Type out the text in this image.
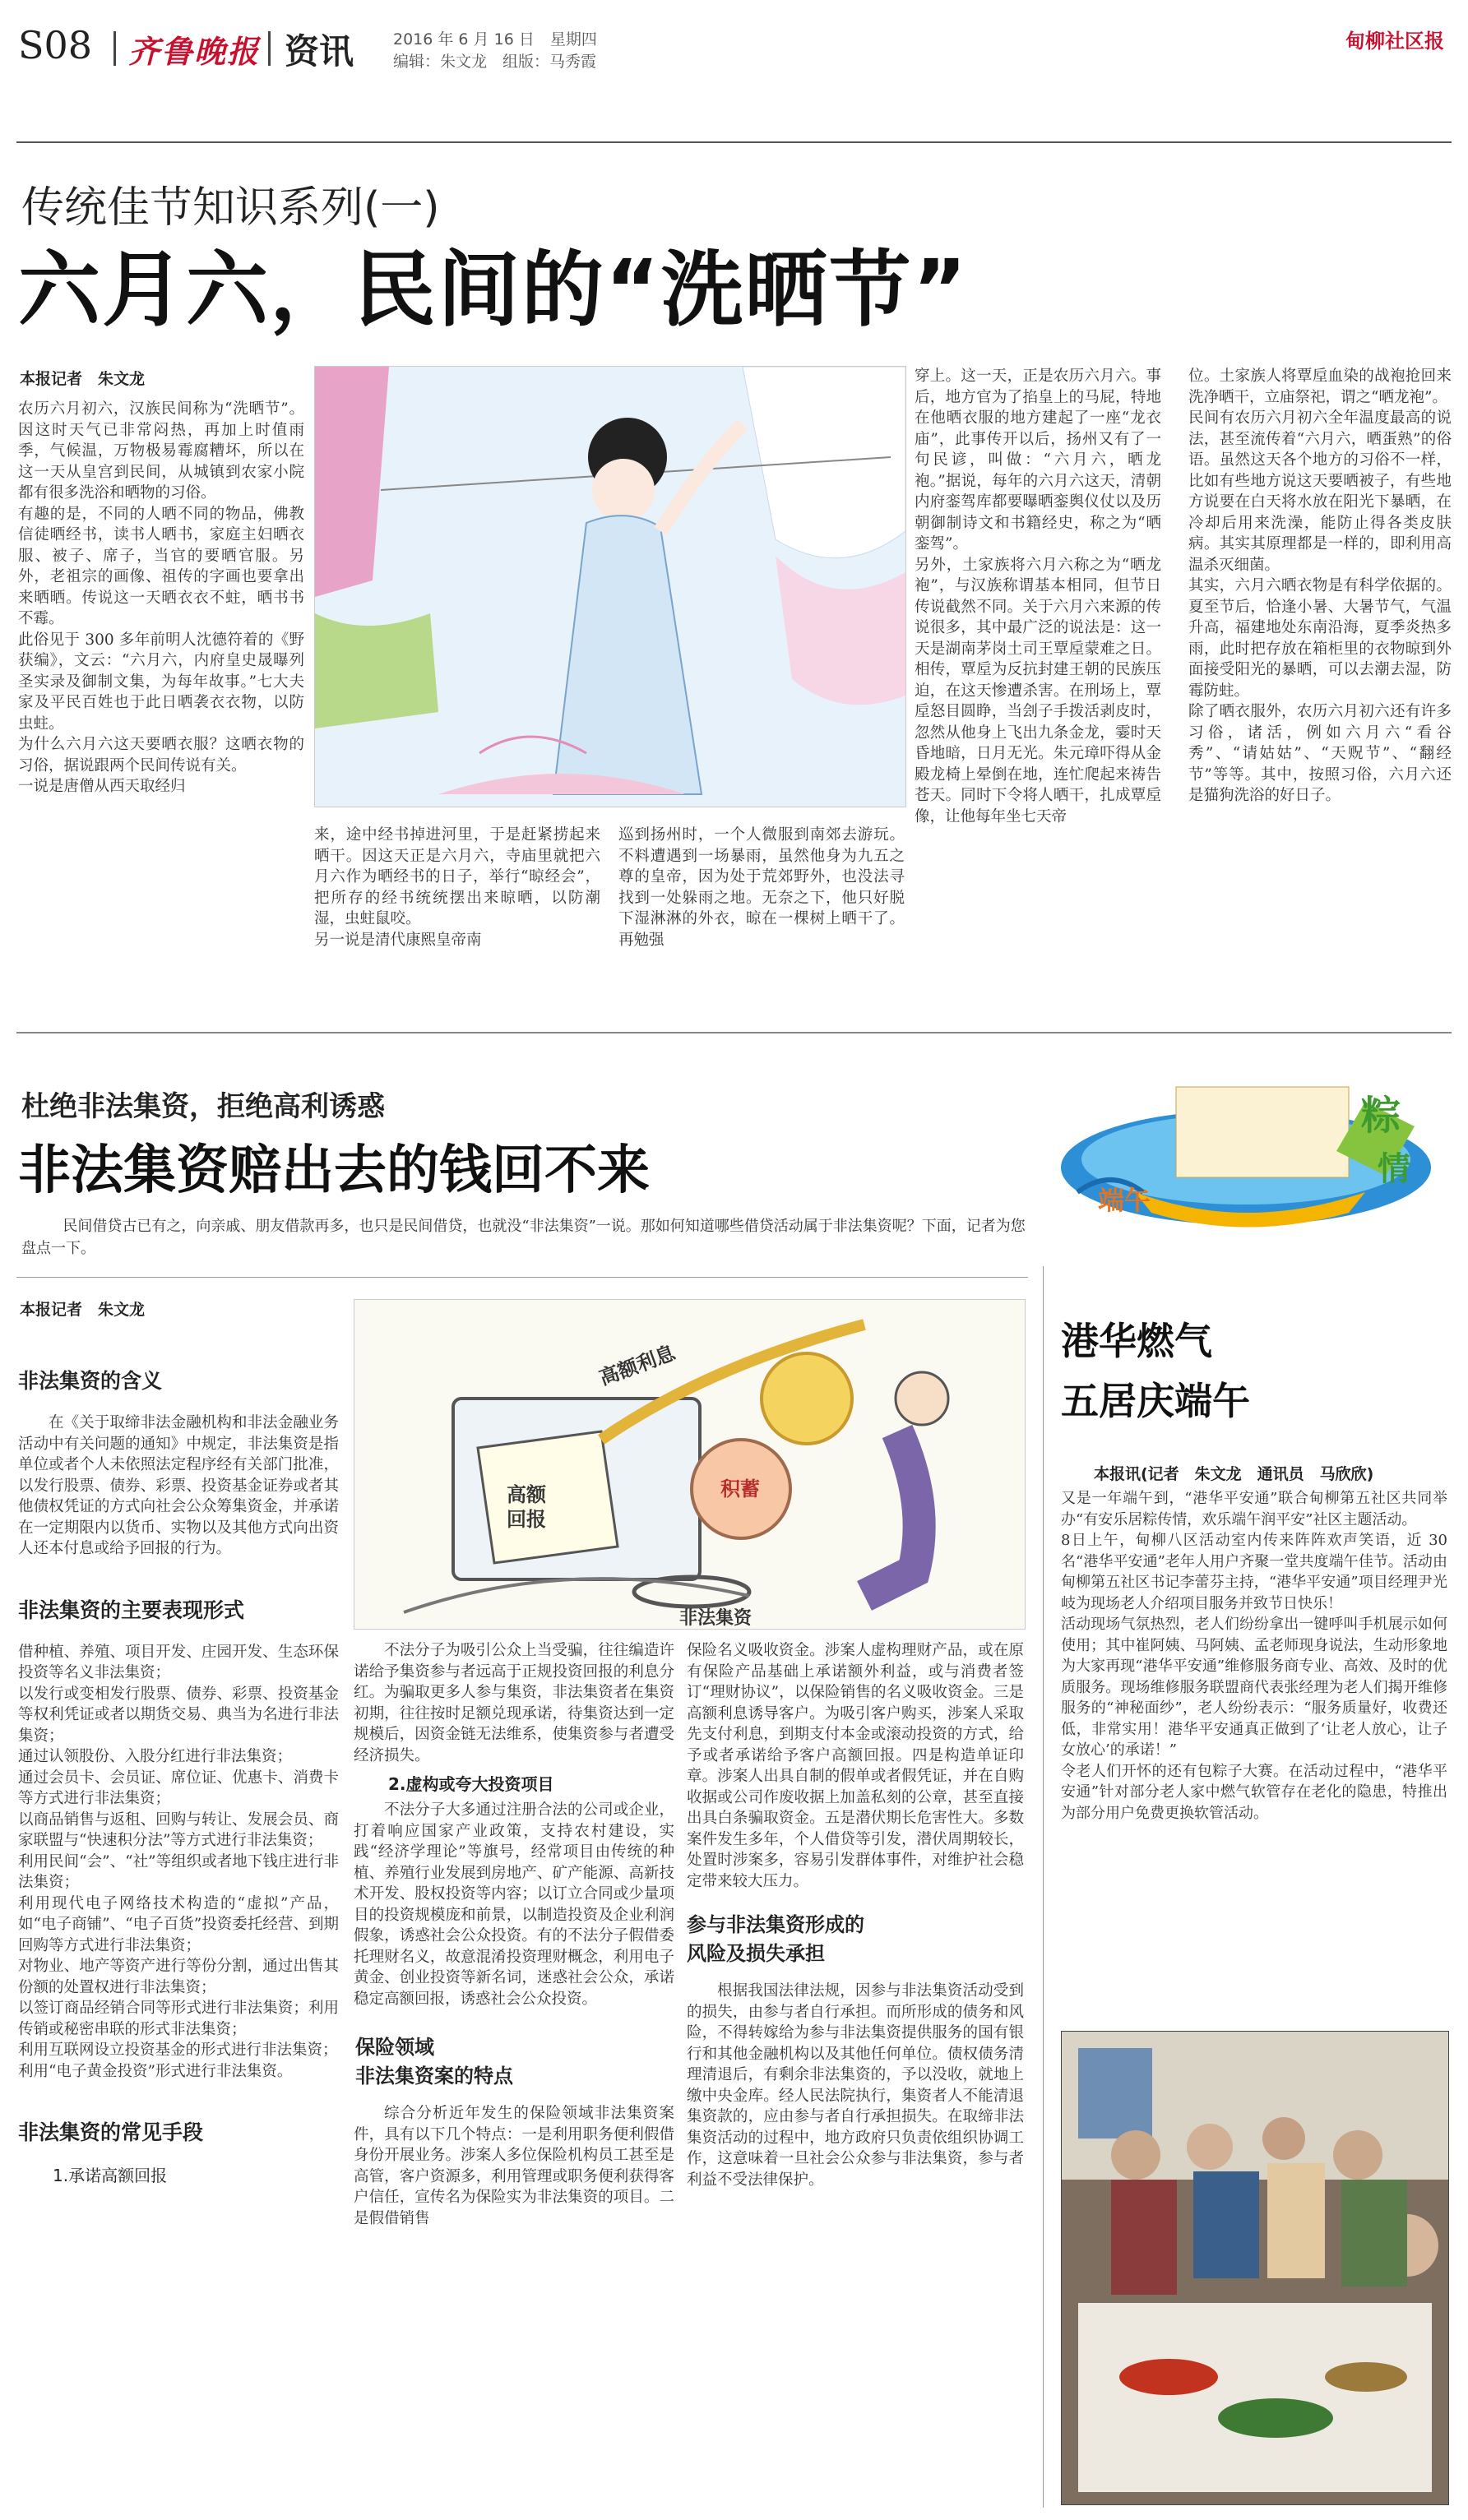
S08 齐鲁晚报 资讯	2016 年 6 月 16 日　 星期四
编辑：朱文龙　 组版：马秀霞
甸柳社区报
传统佳节知识系列(一)
六月六，民间的“洗晒节”
本报记者　朱文龙
农历六月初六，汉族民间称为“洗晒节”。因这时天气已非常闷热，再加上时值雨季，气候温，万物极易霉腐糟坏，所以在这一天从皇宫到民间，从城镇到农家小院都有很多洗浴和晒物的习俗。
有趣的是，不同的人晒不同的物品，佛教信徒晒经书，读书人晒书，家庭主妇晒衣服、被子、席子，当官的要晒官服。另外，老祖宗的画像、祖传的字画也要拿出来晒晒。传说这一天晒衣衣不蛀，晒书书不霉。
此俗见于 300 多年前明人沈德符着的《野获编》，文云：“六月六，内府皇史晟曝列圣实录及御制文集，为每年故事。”七大夫家及平民百姓也于此日晒袭衣衣物，以防虫蛀。
为什么六月六这天要晒衣服？这晒衣物的习俗，据说跟两个民间传说有关。
一说是唐僧从西天取经归
来，途中经书掉进河里，于是赶紧捞起来晒干。因这天正是六月六，寺庙里就把六月六作为晒经书的日子，举行“晾经会”，把所存的经书统统摆出来晾晒，以防潮湿，虫蛀鼠咬。
另一说是清代康熙皇帝南
巡到扬州时，一个人微服到南郊去游玩。不料遭遇到一场暴雨，虽然他身为九五之尊的皇帝，因为处于荒郊野外，也没法寻找到一处躲雨之地。无奈之下，他只好脱下湿淋淋的外衣，晾在一棵树上晒干了。再勉强
穿上。这一天，正是农历六月六。事后，地方官为了掐皇上的马屁，特地在他晒衣服的地方建起了一座“龙衣庙”，此事传开以后，扬州又有了一句民谚，叫做：“六月六，晒龙袍。”据说，每年的六月六这天，清朝内府銮驾库都要曝晒銮舆仪仗以及历朝御制诗文和书籍经史，称之为“晒銮驾”。
另外，土家族将六月六称之为“晒龙袍”，与汉族称谓基本相同，但节日传说截然不同。关于六月六来源的传说很多，其中最广泛的说法是：这一天是湖南茅岗土司王覃垕蒙难之日。相传，覃垕为反抗封建王朝的民族压迫，在这天惨遭杀害。在刑场上，覃垕怒目圆睁，当刽子手拨活剥皮时，忽然从他身上飞出九条金龙，霎时天昏地暗，日月无光。朱元璋吓得从金殿龙椅上晕倒在地，连忙爬起来祷告苍天。同时下令将人晒干，扎成覃垕像，让他每年坐七天帝
位。土家族人将覃垕血染的战袍抢回来洗净晒干，立庙祭祀，谓之“晒龙袍”。
民间有农历六月初六全年温度最高的说法，甚至流传着“六月六，晒蛋熟”的俗语。虽然这天各个地方的习俗不一样，比如有些地方说这天要晒被子，有些地方说要在白天将水放在阳光下暴晒，在冷却后用来洗澡，能防止得各类皮肤病。其实其原理都是一样的，即利用高温杀灭细菌。
其实，六月六晒衣物是有科学依据的。夏至节后，恰逢小暑、大暑节气，气温升高，福建地处东南沿海，夏季炎热多雨，此时把存放在箱柜里的衣物晾到外面接受阳光的暴晒，可以去潮去湿，防霉防蛀。
除了晒衣服外，农历六月初六还有许多习俗，诸活，例如六月六“看谷秀”、“请姑姑”、“天贶节”、“翻经节”等等。其中，按照习俗，六月六还是猫狗洗浴的好日子。
杜绝非法集资，拒绝高利诱惑
非法集资赔出去的钱回不来
民间借贷古已有之，向亲戚、朋友借款再多，也只是民间借贷，也就没“非法集资”一说。那如何知道哪些借贷活动属于非法集资呢？下面，记者为您盘点一下。
粽
情
端午
本报记者　朱文龙
非法集资的含义
在《关于取缔非法金融机构和非法金融业务活动中有关问题的通知》中规定，非法集资是指单位或者个人未依照法定程序经有关部门批准，以发行股票、债券、彩票、投资基金证券或者其他债权凭证的方式向社会公众筹集资金，并承诺在一定期限内以货币、实物以及其他方式向出资人还本付息或给予回报的行为。
非法集资的主要表现形式
借种植、养殖、项目开发、庄园开发、生态环保投资等名义非法集资；
以发行或变相发行股票、债券、彩票、投资基金等权利凭证或者以期货交易、典当为名进行非法集资；
通过认领股份、入股分红进行非法集资；
通过会员卡、会员证、席位证、优惠卡、消费卡等方式进行非法集资；
以商品销售与返租、回购与转让、发展会员、商家联盟与“快速积分法”等方式进行非法集资；
利用民间“会”、“社”等组织或者地下钱庄进行非法集资；
利用现代电子网络技术构造的“虚拟”产品，如“电子商铺”、“电子百货”投资委托经营、到期回购等方式进行非法集资；
对物业、地产等资产进行等份分割，通过出售其份额的处置权进行非法集资；
以签订商品经销合同等形式进行非法集资；利用传销或秘密串联的形式非法集资；
利用互联网设立投资基金的形式进行非法集资；
利用“电子黄金投资”形式进行非法集资。
非法集资的常见手段
1.承诺高额回报
高额利息
高额回报
积蓄
非法集资
不法分子为吸引公众上当受骗，往往编造许诺给予集资参与者远高于正规投资回报的利息分红。为骗取更多人参与集资，非法集资者在集资初期，往往按时足额兑现承诺，待集资达到一定规模后，因资金链无法维系，使集资参与者遭受经济损失。
2.虚构或夸大投资项目
不法分子大多通过注册合法的公司或企业，打着响应国家产业政策，支持农村建设，实践“经济学理论”等旗号，经常项目由传统的种植、养殖行业发展到房地产、矿产能源、高新技术开发、股权投资等内容；以订立合同或少量项目的投资规模庞和前景，以制造投资及企业利润假象，诱惑社会公众投资。有的不法分子假借委托理财名义，故意混淆投资理财概念，利用电子黄金、创业投资等新名词，迷惑社会公众，承诺稳定高额回报，诱惑社会公众投资。
保险领域
非法集资案的特点
综合分析近年发生的保险领域非法集资案件，具有以下几个特点：一是利用职务便利假借身份开展业务。涉案人多位保险机构员工甚至是高管，客户资源多，利用管理或职务便利获得客户信任，宣传名为保险实为非法集资的项目。二是假借销售
保险名义吸收资金。涉案人虚构理财产品，或在原有保险产品基础上承诺额外利益，或与消费者签订“理财协议”，以保险销售的名义吸收资金。三是高额利息诱导客户。为吸引客户购买，涉案人采取先支付利息，到期支付本金或滚动投资的方式，给予或者承诺给予客户高额回报。四是构造单证印章。涉案人出具自制的假单或者假凭证，并在自购收据或公司作废收据上加盖私刻的公章，甚至直接出具白条骗取资金。五是潜伏期长危害性大。多数案件发生多年，个人借贷等引发，潜伏周期较长，处置时涉案多，容易引发群体事件，对维护社会稳定带来较大压力。
参与非法集资形成的
风险及损失承担
根据我国法律法规，因参与非法集资活动受到的损失，由参与者自行承担。而所形成的债务和风险，不得转嫁给为参与非法集资提供服务的国有银行和其他金融机构以及其他任何单位。债权债务清理清退后，有剩余非法集资的，予以没收，就地上缴中央金库。经人民法院执行，集资者人不能清退集资款的，应由参与者自行承担损失。在取缔非法集资活动的过程中，地方政府只负责依组织协调工作，这意味着一旦社会公众参与非法集资，参与者利益不受法律保护。
港华燃气
五居庆端午
本报讯(记者　朱文龙　通讯员　马欣欣)
又是一年端午到，“港华平安通”联合甸柳第五社区共同举办“有安乐居粽传情，欢乐端午润平安”社区主题活动。
8日上午，甸柳八区活动室内传来阵阵欢声笑语，近 30 名“港华平安通”老年人用户齐聚一堂共度端午佳节。活动由甸柳第五社区书记李蕾芬主持，“港华平安通”项目经理尹光岐为现场老人介绍项目服务并致节日快乐！
活动现场气氛热烈，老人们纷纷拿出一键呼叫手机展示如何使用；其中崔阿姨、马阿姨、孟老师现身说法，生动形象地为大家再现“港华平安通”维修服务商专业、高效、及时的优质服务。现场维修服务联盟商代表张经理为老人们揭开维修服务的“神秘面纱”，老人纷纷表示：“服务质量好，收费还低，非常实用！港华平安通真正做到了‘让老人放心，让子女放心’的承诺！”
令老人们开怀的还有包粽子大赛。在活动过程中，“港华平安通”针对部分老人家中燃气软管存在老化的隐患，特推出为部分用户免费更换软管活动。
